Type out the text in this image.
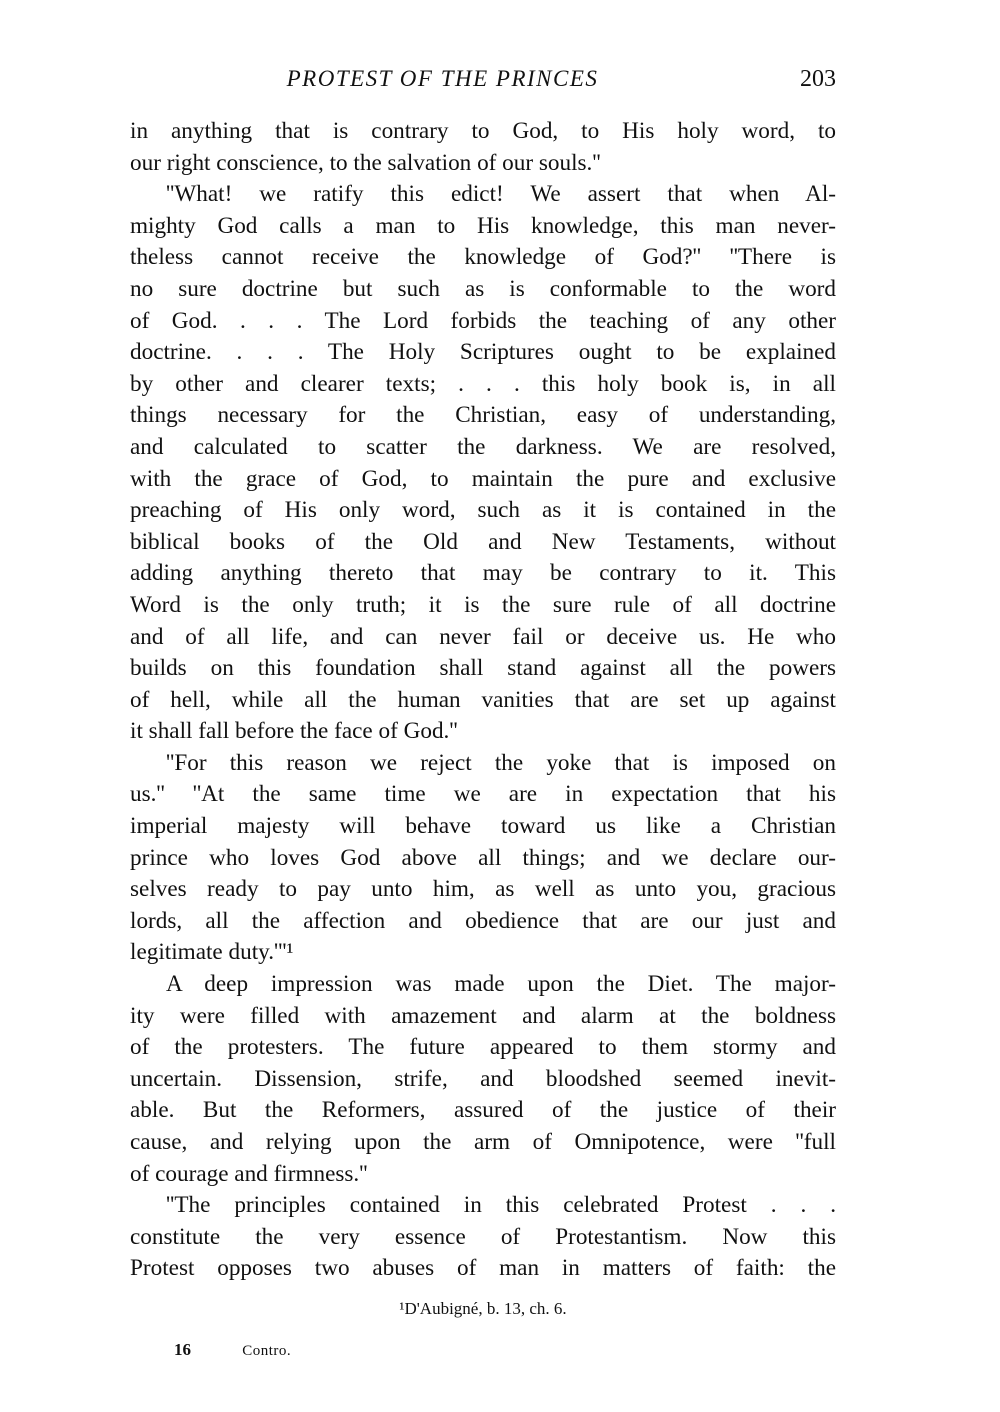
PROTEST OF THE PRINCES	203
in anything that is contrary to God, to His holy word, to
our right conscience, to the salvation of our souls.''
''What! we ratify this edict! We assert that when Al-
mighty God calls a man to His knowledge, this man never-
theless cannot receive the knowledge of God?'' ''There is
no sure doctrine but such as is conformable to the word
of God. . . . The Lord forbids the teaching of any other
doctrine. . . . The Holy Scriptures ought to be explained
by other and clearer texts; . . . this holy book is, in all
things necessary for the Christian, easy of understanding,
and calculated to scatter the darkness. We are resolved,
with the grace of God, to maintain the pure and exclusive
preaching of His only word, such as it is contained in the
biblical books of the Old and New Testaments, without
adding anything thereto that may be contrary to it. This
Word is the only truth; it is the sure rule of all doctrine
and of all life, and can never fail or deceive us. He who
builds on this foundation shall stand against all the powers
of hell, while all the human vanities that are set up against
it shall fall before the face of God.''
''For this reason we reject the yoke that is imposed on
us.'' ''At the same time we are in expectation that his
imperial majesty will behave toward us like a Christian
prince who loves God above all things; and we declare our-
selves ready to pay unto him, as well as unto you, gracious
lords, all the affection and obedience that are our just and
legitimate duty.'''¹
A deep impression was made upon the Diet. The major-
ity were filled with amazement and alarm at the boldness
of the protesters. The future appeared to them stormy and
uncertain. Dissension, strife, and bloodshed seemed inevit-
able. But the Reformers, assured of the justice of their
cause, and relying upon the arm of Omnipotence, were ''full
of courage and firmness.''
''The principles contained in this celebrated Protest . . .
constitute the very essence of Protestantism. Now this
Protest opposes two abuses of man in matters of faith: the
¹D'Aubigné, b. 13, ch. 6.
16	Contro.
